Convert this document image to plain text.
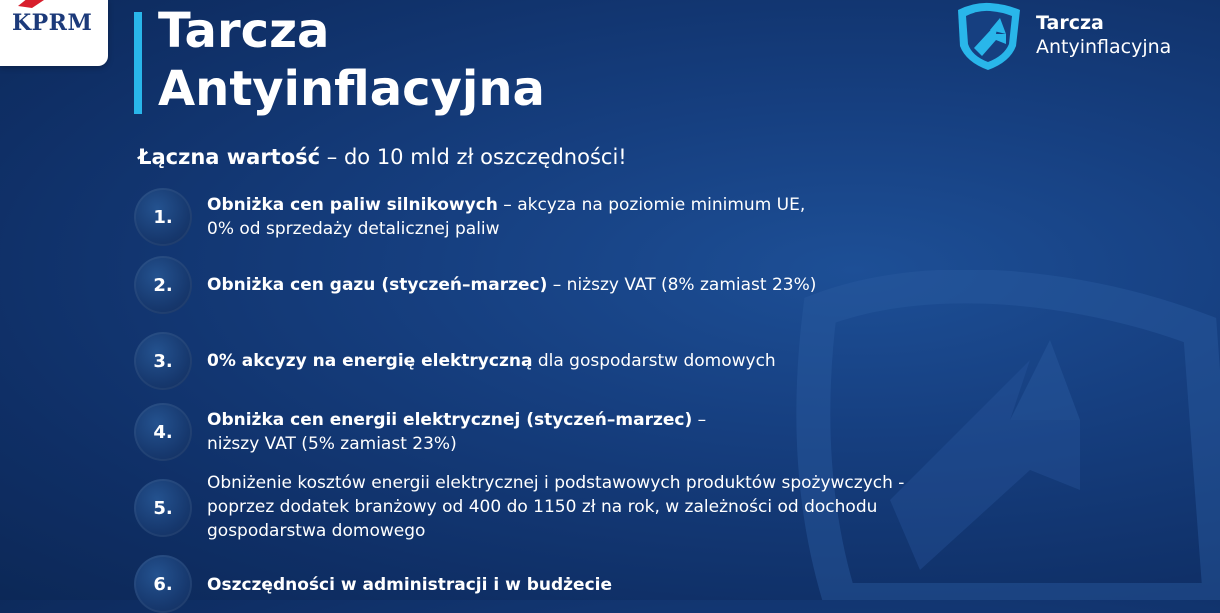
KPRM Tarcza
Antyinflacyjna
Tarcza
Antyinflacyjna
Łączna wartość – do 10 mld zł oszczędności!
1.
Obniżka cen paliw silnikowych – akcyza na poziomie minimum UE,
0% od sprzedaży detalicznej paliw
2.	Obniżka cen gazu (styczeń–marzec) – niższy VAT (8% zamiast 23%)
3.	0% akcyzy na energię elektryczną dla gospodarstw domowych
4.
Obniżka cen energii elektrycznej (styczeń–marzec) –
niższy VAT (5% zamiast 23%)
5.
Obniżenie kosztów energii elektrycznej i podstawowych produktów spożywczych -
poprzez dodatek branżowy od 400 do 1150 zł na rok, w zależności od dochodu
gospodarstwa domowego
6.	Oszczędności w administracji i w budżecie
